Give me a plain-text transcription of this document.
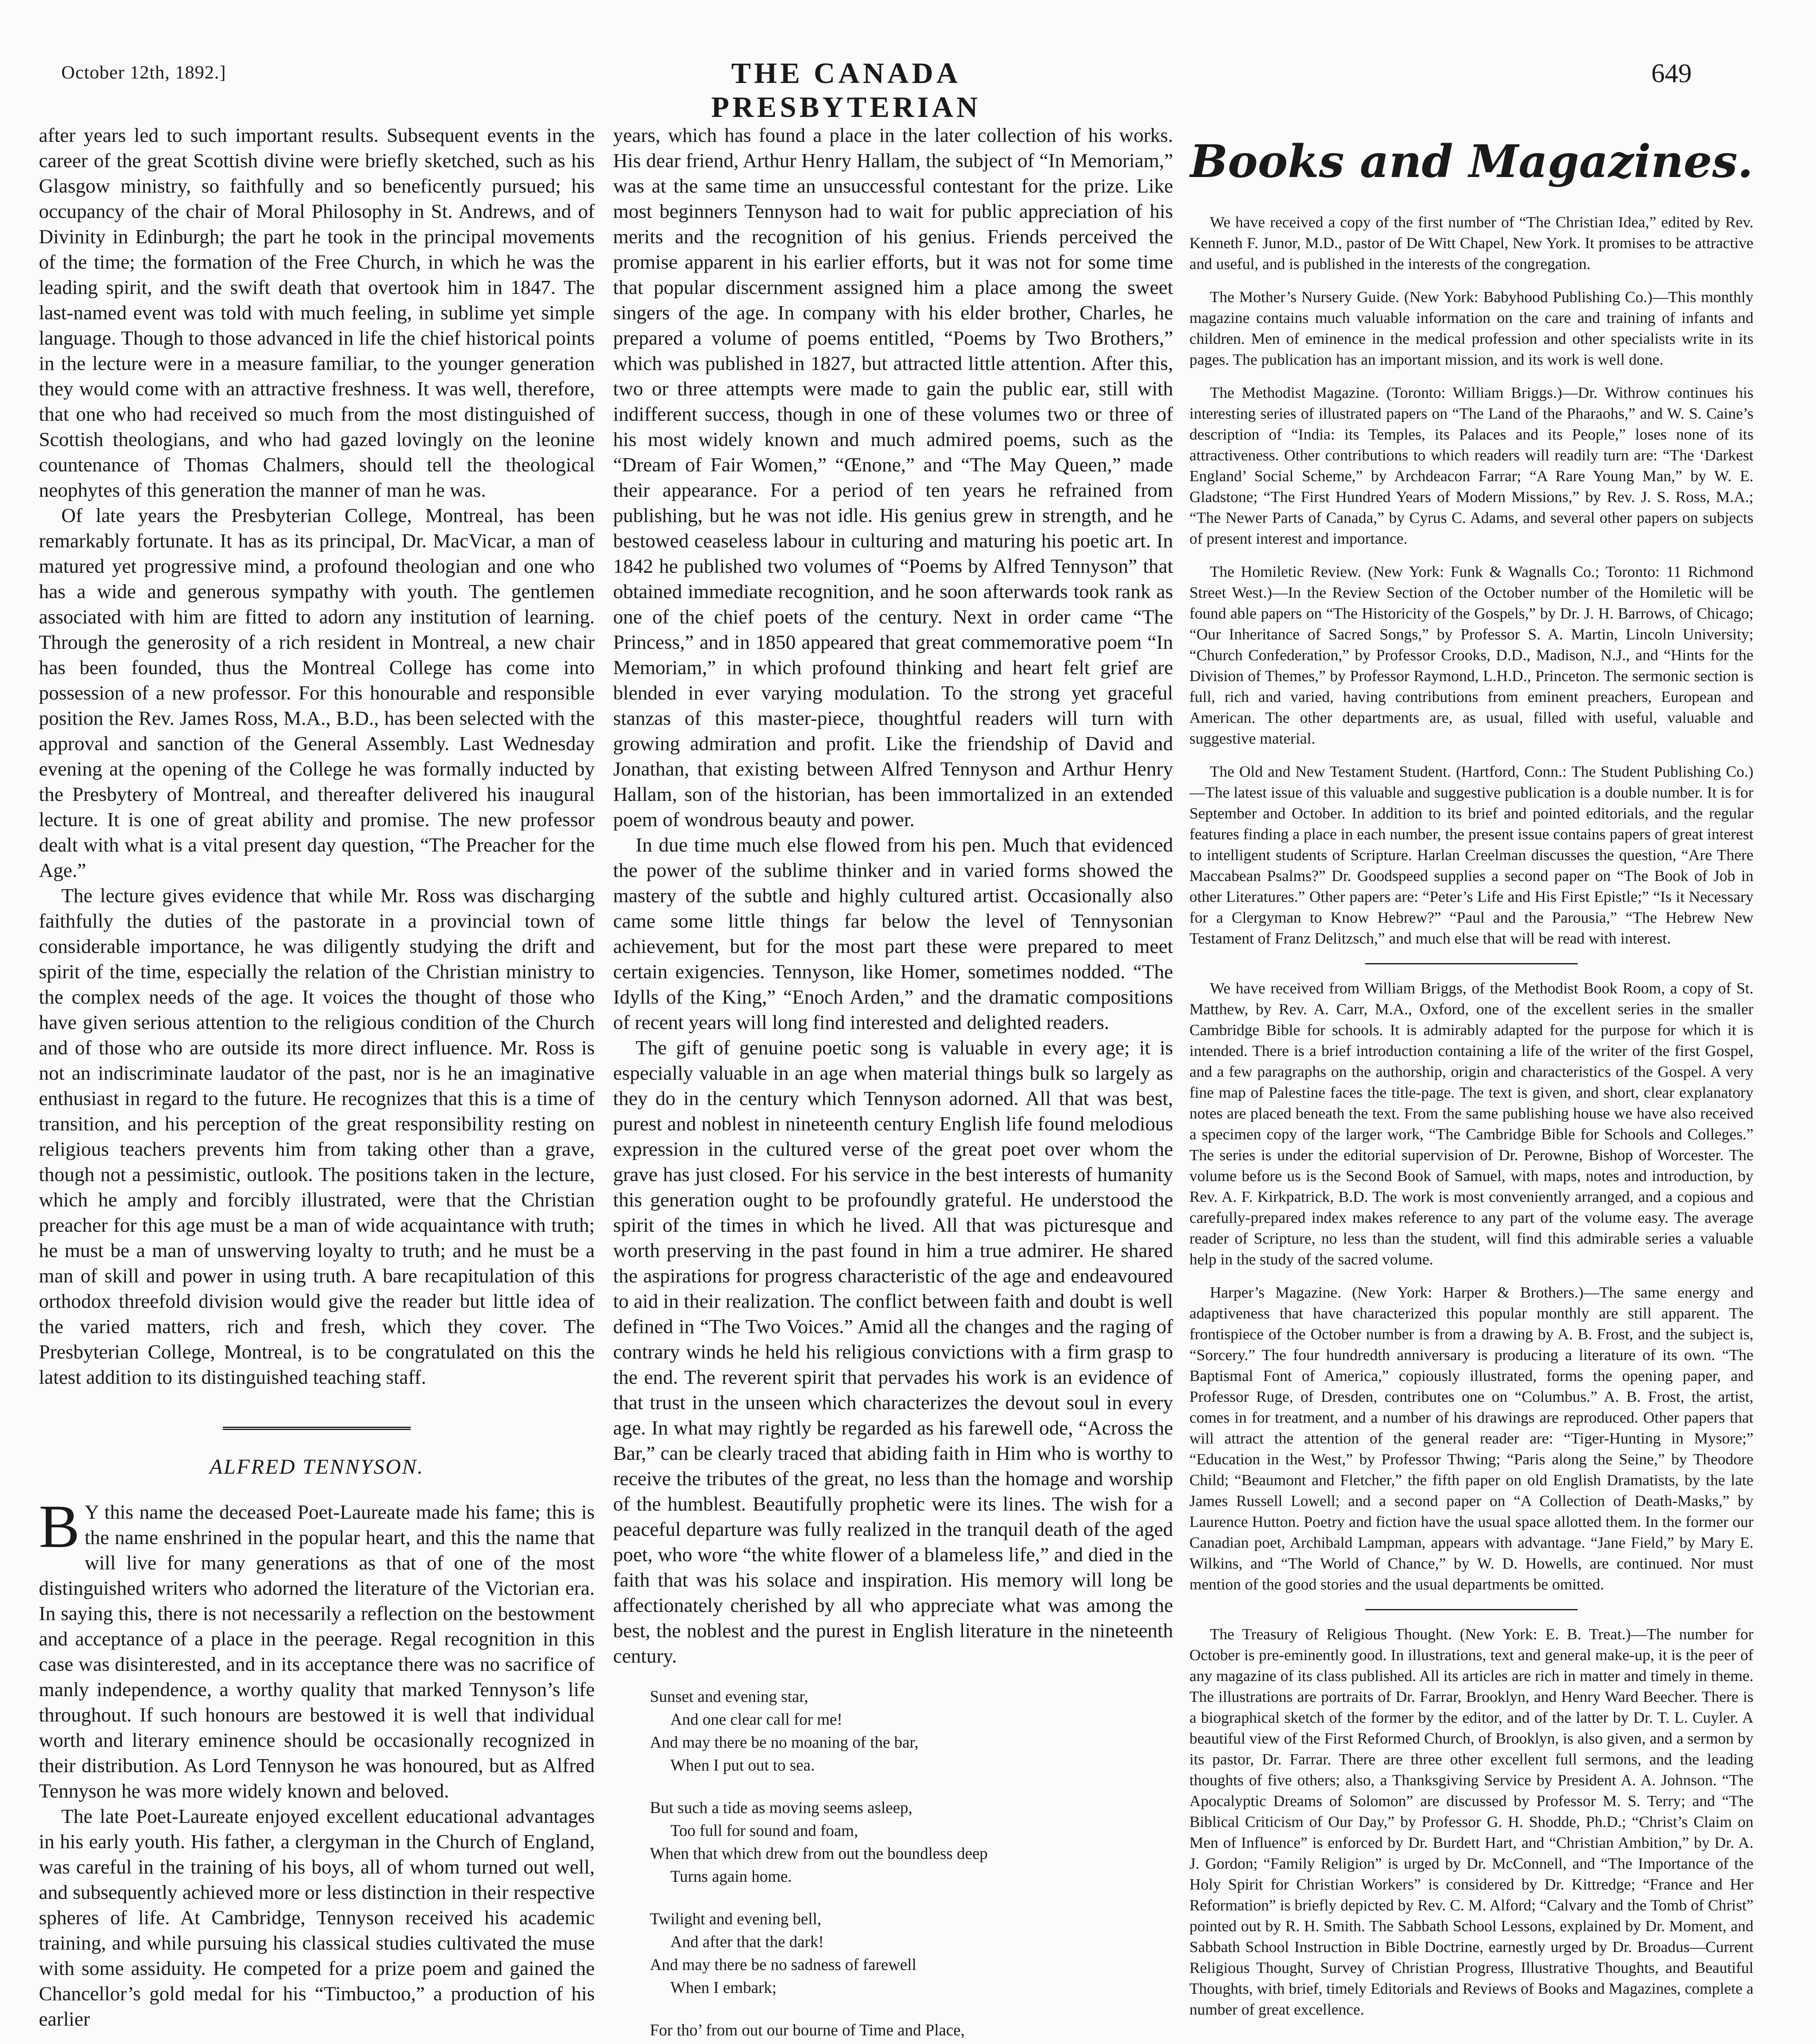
October 12th, 1892.]	THE CANADA PRESBYTERIAN
649

after years led to such important results. Subsequent events in the career of the great Scottish divine were briefly sketched, such as his Glasgow ministry, so faithfully and so beneficently pursued; his occupancy of the chair of Moral Philosophy in St. Andrews, and of Divinity in Edinburgh; the part he took in the principal movements of the time; the formation of the Free Church, in which he was the leading spirit, and the swift death that overtook him in 1847. The last-named event was told with much feeling, in sublime yet simple language. Though to those advanced in life the chief historical points in the lecture were in a measure familiar, to the younger generation they would come with an attractive freshness. It was well, therefore, that one who had received so much from the most distinguished of Scottish theologians, and who had gazed lovingly on the leonine countenance of Thomas Chalmers, should tell the theological neophytes of this generation the manner of man he was.

Of late years the Presbyterian College, Montreal, has been remarkably fortunate. It has as its principal, Dr. MacVicar, a man of matured yet progressive mind, a profound theologian and one who has a wide and generous sympathy with youth. The gentlemen associated with him are fitted to adorn any institution of learning. Through the generosity of a rich resident in Montreal, a new chair has been founded, thus the Montreal College has come into possession of a new professor. For this honourable and responsible position the Rev. James Ross, M.A., B.D., has been selected with the approval and sanction of the General Assembly. Last Wednesday evening at the opening of the College he was formally inducted by the Presbytery of Montreal, and thereafter delivered his inaugural lecture. It is one of great ability and promise. The new professor dealt with what is a vital present day question, “The Preacher for the Age.”

The lecture gives evidence that while Mr. Ross was discharging faithfully the duties of the pastorate in a provincial town of considerable importance, he was diligently studying the drift and spirit of the time, especially the relation of the Christian ministry to the complex needs of the age. It voices the thought of those who have given serious attention to the religious condition of the Church and of those who are outside its more direct influence. Mr. Ross is not an indiscriminate laudator of the past, nor is he an imaginative enthusiast in regard to the future. He recognizes that this is a time of transition, and his perception of the great responsibility resting on religious teachers prevents him from taking other than a grave, though not a pessimistic, outlook. The positions taken in the lecture, which he amply and forcibly illustrated, were that the Christian preacher for this age must be a man of wide acquaintance with truth; he must be a man of unswerving loyalty to truth; and he must be a man of skill and power in using truth. A bare recapitulation of this orthodox threefold division would give the reader but little idea of the varied matters, rich and fresh, which they cover. The Presbyterian College, Montreal, is to be congratulated on this the latest addition to its distinguished teaching staff.

ALFRED TENNYSON.

B Y this name the deceased Poet-Laureate made his fame; this is the name enshrined in the popular heart, and this the name that will live for many generations as that of one of the most distinguished writers who adorned the literature of the Victorian era. In saying this, there is not necessarily a reflection on the bestowment and acceptance of a place in the peerage. Regal recognition in this case was disinterested, and in its acceptance there was no sacrifice of manly independence, a worthy quality that marked Tennyson’s life throughout. If such honours are bestowed it is well that individual worth and literary eminence should be occasionally recognized in their distribution. As Lord Tennyson he was honoured, but as Alfred Tennyson he was more widely known and beloved.

The late Poet-Laureate enjoyed excellent educational advantages in his early youth. His father, a clergyman in the Church of England, was careful in the training of his boys, all of whom turned out well, and subsequently achieved more or less distinction in their respective spheres of life. At Cambridge, Tennyson received his academic training, and while pursuing his classical studies cultivated the muse with some assiduity. He competed for a prize poem and gained the Chancellor’s gold medal for his “Timbuctoo,” a production of his earlier

years, which has found a place in the later collection of his works. His dear friend, Arthur Henry Hallam, the subject of “In Memoriam,” was at the same time an unsuccessful contestant for the prize. Like most beginners Tennyson had to wait for public appreciation of his merits and the recognition of his genius. Friends perceived the promise apparent in his earlier efforts, but it was not for some time that popular discernment assigned him a place among the sweet singers of the age. In company with his elder brother, Charles, he prepared a volume of poems entitled, “Poems by Two Brothers,” which was published in 1827, but attracted little attention. After this, two or three attempts were made to gain the public ear, still with indifferent success, though in one of these volumes two or three of his most widely known and much admired poems, such as the “Dream of Fair Women,” “Œnone,” and “The May Queen,” made their appearance. For a period of ten years he refrained from publishing, but he was not idle. His genius grew in strength, and he bestowed ceaseless labour in culturing and maturing his poetic art. In 1842 he published two volumes of “Poems by Alfred Tennyson” that obtained immediate recognition, and he soon afterwards took rank as one of the chief poets of the century. Next in order came “The Princess,” and in 1850 appeared that great commemorative poem “In Memoriam,” in which profound thinking and heart felt grief are blended in ever varying modulation. To the strong yet graceful stanzas of this master-piece, thoughtful readers will turn with growing admiration and profit. Like the friendship of David and Jonathan, that existing between Alfred Tennyson and Arthur Henry Hallam, son of the historian, has been immortalized in an extended poem of wondrous beauty and power.

In due time much else flowed from his pen. Much that evidenced the power of the sublime thinker and in varied forms showed the mastery of the subtle and highly cultured artist. Occasionally also came some little things far below the level of Tennysonian achievement, but for the most part these were prepared to meet certain exigencies. Tennyson, like Homer, sometimes nodded. “The Idylls of the King,” “Enoch Arden,” and the dramatic compositions of recent years will long find interested and delighted readers.

The gift of genuine poetic song is valuable in every age; it is especially valuable in an age when material things bulk so largely as they do in the century which Tennyson adorned. All that was best, purest and noblest in nineteenth century English life found melodious expression in the cultured verse of the great poet over whom the grave has just closed. For his service in the best interests of humanity this generation ought to be profoundly grateful. He understood the spirit of the times in which he lived. All that was picturesque and worth preserving in the past found in him a true admirer. He shared the aspirations for progress characteristic of the age and endeavoured to aid in their realization. The conflict between faith and doubt is well defined in “The Two Voices.” Amid all the changes and the raging of contrary winds he held his religious convictions with a firm grasp to the end. The reverent spirit that pervades his work is an evidence of that trust in the unseen which characterizes the devout soul in every age. In what may rightly be regarded as his farewell ode, “Across the Bar,” can be clearly traced that abiding faith in Him who is worthy to receive the tributes of the great, no less than the homage and worship of the humblest. Beautifully prophetic were its lines. The wish for a peaceful departure was fully realized in the tranquil death of the aged poet, who wore “the white flower of a blameless life,” and died in the faith that was his solace and inspiration. His memory will long be affectionately cherished by all who appreciate what was among the best, the noblest and the purest in English literature in the nineteenth century.

Sunset and evening star,
And one clear call for me!
And may there be no moaning of the bar,
When I put out to sea.
But such a tide as moving seems asleep,
Too full for sound and foam,
When that which drew from out the boundless deep
Turns again home.
Twilight and evening bell,
And after that the dark!
And may there be no sadness of farewell
When I embark;
For tho’ from out our bourne of Time and Place,
Books and Magazines.

We have received a copy of the first number of “The Christian Idea,” edited by Rev. Kenneth F. Junor, M.D., pastor of De Witt Chapel, New York. It promises to be attractive and useful, and is published in the interests of the congregation.

The Mother’s Nursery Guide. (New York: Babyhood Publishing Co.)—This monthly magazine contains much valuable information on the care and training of infants and children. Men of eminence in the medical profession and other specialists write in its pages. The publication has an important mission, and its work is well done.

The Methodist Magazine. (Toronto: William Briggs.)—Dr. Withrow continues his interesting series of illustrated papers on “The Land of the Pharaohs,” and W. S. Caine’s description of “India: its Temples, its Palaces and its People,” loses none of its attractiveness. Other contributions to which readers will readily turn are: “The ‘Darkest England’ Social Scheme,” by Archdeacon Farrar; “A Rare Young Man,” by W. E. Gladstone; “The First Hundred Years of Modern Missions,” by Rev. J. S. Ross, M.A.; “The Newer Parts of Canada,” by Cyrus C. Adams, and several other papers on subjects of present interest and importance.

The Homiletic Review. (New York: Funk & Wagnalls Co.; Toronto: 11 Richmond Street West.)—In the Review Section of the October number of the Homiletic will be found able papers on “The Historicity of the Gospels,” by Dr. J. H. Barrows, of Chicago; “Our Inheritance of Sacred Songs,” by Professor S. A. Martin, Lincoln University; “Church Confederation,” by Professor Crooks, D.D., Madison, N.J., and “Hints for the Division of Themes,” by Professor Raymond, L.H.D., Princeton. The sermonic section is full, rich and varied, having contributions from eminent preachers, European and American. The other departments are, as usual, filled with useful, valuable and suggestive material.

The Old and New Testament Student. (Hartford, Conn.: The Student Publishing Co.)—The latest issue of this valuable and suggestive publication is a double number. It is for September and October. In addition to its brief and pointed editorials, and the regular features finding a place in each number, the present issue contains papers of great interest to intelligent students of Scripture. Harlan Creelman discusses the question, “Are There Maccabean Psalms?” Dr. Goodspeed supplies a second paper on “The Book of Job in other Literatures.” Other papers are: “Peter’s Life and His First Epistle;” “Is it Necessary for a Clergyman to Know Hebrew?” “Paul and the Parousia,” “The Hebrew New Testament of Franz Delitzsch,” and much else that will be read with interest.

We have received from William Briggs, of the Methodist Book Room, a copy of St. Matthew, by Rev. A. Carr, M.A., Oxford, one of the excellent series in the smaller Cambridge Bible for schools. It is admirably adapted for the purpose for which it is intended. There is a brief introduction containing a life of the writer of the first Gospel, and a few paragraphs on the authorship, origin and characteristics of the Gospel. A very fine map of Palestine faces the title-page. The text is given, and short, clear explanatory notes are placed beneath the text. From the same publishing house we have also received a specimen copy of the larger work, “The Cambridge Bible for Schools and Colleges.” The series is under the editorial supervision of Dr. Perowne, Bishop of Worcester. The volume before us is the Second Book of Samuel, with maps, notes and introduction, by Rev. A. F. Kirkpatrick, B.D. The work is most conveniently arranged, and a copious and carefully-prepared index makes reference to any part of the volume easy. The average reader of Scripture, no less than the student, will find this admirable series a valuable help in the study of the sacred volume.

Harper’s Magazine. (New York: Harper & Brothers.)—The same energy and adaptiveness that have characterized this popular monthly are still apparent. The frontispiece of the October number is from a drawing by A. B. Frost, and the subject is, “Sorcery.” The four hundredth anniversary is producing a literature of its own. “The Baptismal Font of America,” copiously illustrated, forms the opening paper, and Professor Ruge, of Dresden, contributes one on “Columbus.” A. B. Frost, the artist, comes in for treatment, and a number of his drawings are reproduced. Other papers that will attract the attention of the general reader are: “Tiger-Hunting in Mysore;” “Education in the West,” by Professor Thwing; “Paris along the Seine,” by Theodore Child; “Beaumont and Fletcher,” the fifth paper on old English Dramatists, by the late James Russell Lowell; and a second paper on “A Collection of Death-Masks,” by Laurence Hutton. Poetry and fiction have the usual space allotted them. In the former our Canadian poet, Archibald Lampman, appears with advantage. “Jane Field,” by Mary E. Wilkins, and “The World of Chance,” by W. D. Howells, are continued. Nor must mention of the good stories and the usual departments be omitted.

The Treasury of Religious Thought. (New York: E. B. Treat.)—The number for October is pre-eminently good. In illustrations, text and general make-up, it is the peer of any magazine of its class published. All its articles are rich in matter and timely in theme. The illustrations are portraits of Dr. Farrar, Brooklyn, and Henry Ward Beecher. There is a biographical sketch of the former by the editor, and of the latter by Dr. T. L. Cuyler. A beautiful view of the First Reformed Church, of Brooklyn, is also given, and a sermon by its pastor, Dr. Farrar. There are three other excellent full sermons, and the leading thoughts of five others; also, a Thanksgiving Service by President A. A. Johnson. “The Apocalyptic Dreams of Solomon” are discussed by Professor M. S. Terry; and “The Biblical Criticism of Our Day,” by Professor G. H. Shodde, Ph.D.; “Christ’s Claim on Men of Influence” is enforced by Dr. Burdett Hart, and “Christian Ambition,” by Dr. A. J. Gordon; “Family Religion” is urged by Dr. McConnell, and “The Importance of the Holy Spirit for Christian Workers” is considered by Dr. Kittredge; “France and Her Reformation” is briefly depicted by Rev. C. M. Alford; “Calvary and the Tomb of Christ” pointed out by R. H. Smith. The Sabbath School Lessons, explained by Dr. Moment, and Sabbath School Instruction in Bible Doctrine, earnestly urged by Dr. Broadus—Current Religious Thought, Survey of Christian Progress, Illustrative Thoughts, and Beautiful Thoughts, with brief, timely Editorials and Reviews of Books and Magazines, complete a number of great excellence.
